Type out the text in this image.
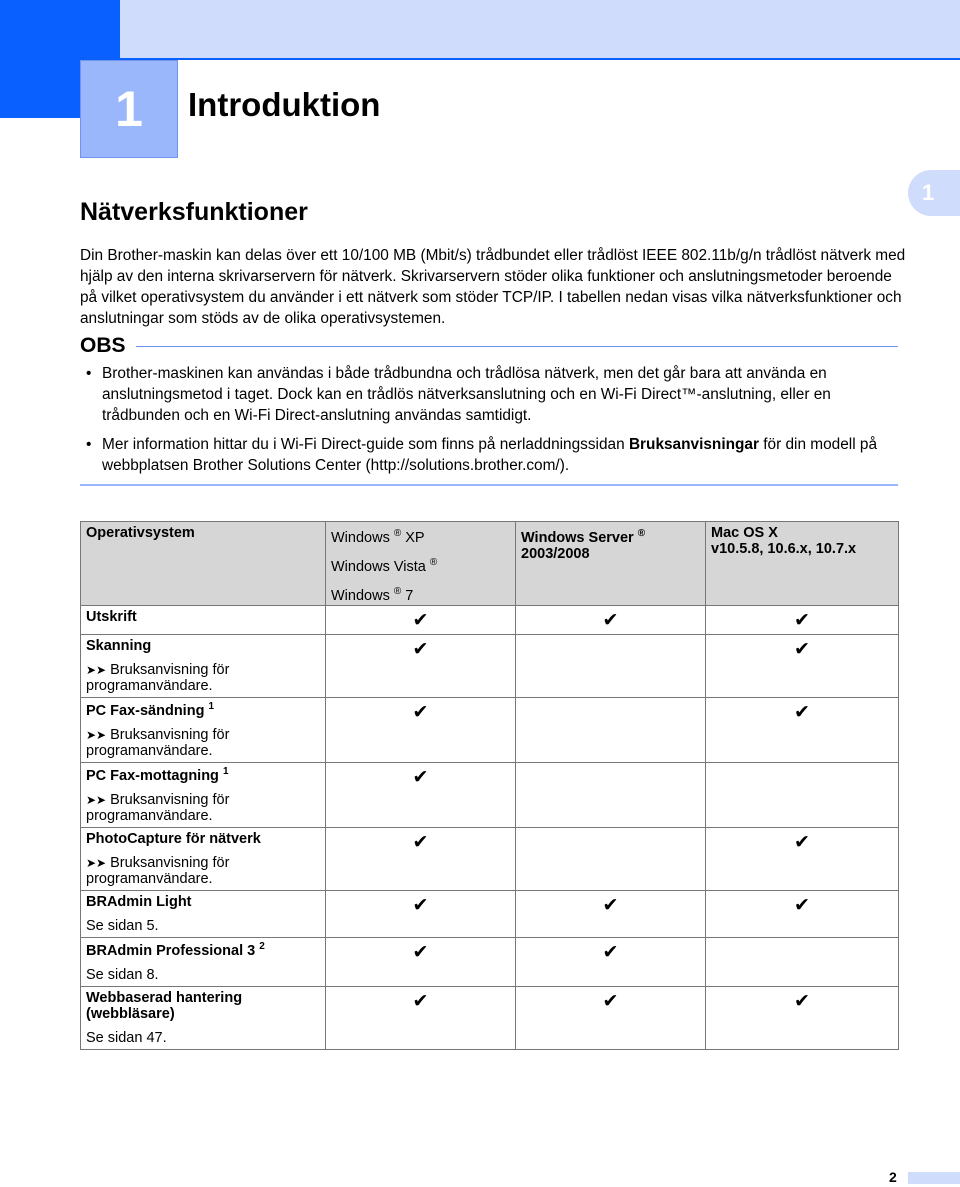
1	Introduktion
1
Nätverksfunktioner
Din Brother-maskin kan delas över ett 10/100 MB (Mbit/s) trådbundet eller trådlöst IEEE 802.11b/g/n trådlöst nätverk med hjälp av den interna skrivarservern för nätverk. Skrivarservern stöder olika funktioner och anslutningsmetoder beroende på vilket operativsystem du använder i ett nätverk som stöder TCP/IP. I tabellen nedan visas vilka nätverksfunktioner och anslutningar som stöds av de olika operativsystemen.
OBS
• Brother-maskinen kan användas i både trådbundna och trådlösa nätverk, men det går bara att använda en anslutningsmetod i taget. Dock kan en trådlös nätverksanslutning och en Wi-Fi Direct™-anslutning, eller en trådbunden och en Wi-Fi Direct-anslutning användas samtidigt.
• Mer information hittar du i Wi-Fi Direct-guide som finns på nerladdningssidan Bruksanvisningar för din modell på webbplatsen Brother Solutions Center (http://solutions.brother.com/).
Operativsystem	Windows ® XP
Windows Vista ®
Windows ® 7	Windows Server ®
2003/2008	Mac OS X
v10.5.8, 10.6.x, 10.7.x

Utskrift	✔	✔	✔

Skanning
➤➤ Bruksanvisning för programanvändare.	✔		✔

PC Fax-sändning $^1$
➤➤ Bruksanvisning för programanvändare.	✔		✔

PC Fax-mottagning $^1$
➤➤ Bruksanvisning för programanvändare.	✔		

PhotoCapture för nätverk
➤➤ Bruksanvisning för programanvändare.	✔		✔

BRAdmin Light
Se sidan 5.	✔	✔	✔

BRAdmin Professional 3 $^2$
Se sidan 8.	✔	✔	

Webbaserad hantering (webbläsare)
Se sidan 47.	✔	✔	✔
2
